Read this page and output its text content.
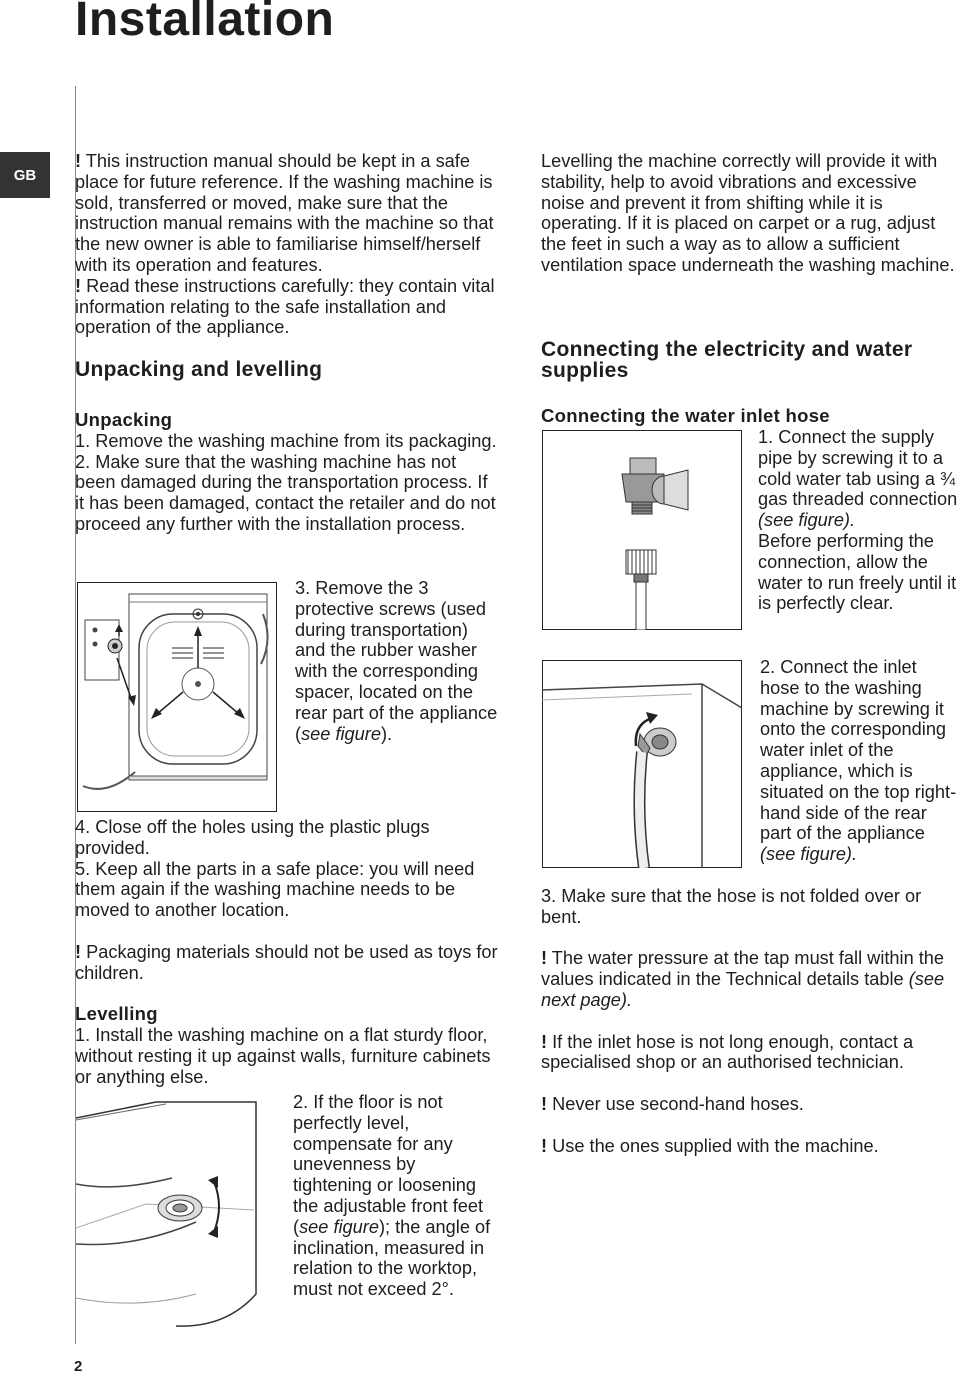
Installation
GB

! This instruction manual should be kept in a safe place for future reference. If the washing machine is sold, transferred or moved, make sure that the instruction manual remains with the machine so that the new owner is able to familiarise himself/herself with its operation and features.

! Read these instructions carefully: they contain vital information relating to the safe installation and operation of the appliance.

Unpacking and levelling

Unpacking

1. Remove the washing machine from its packaging.

2. Make sure that the washing machine has not been damaged during the transportation process. If it has been damaged, contact the retailer and do not proceed any further with the installation process.

3. Remove the 3 protective screws (used during transportation) and the rubber washer with the corresponding spacer, located on the rear part of the appliance (see figure).

4. Close off the holes using the plastic plugs provided.

5. Keep all the parts in a safe place: you will need them again if the washing machine needs to be moved to another location.

! Packaging materials should not be used as toys for children.

Levelling

1. Install the washing machine on a flat sturdy floor, without resting it up against walls, furniture cabinets or anything else.

2. If the floor is not perfectly level, compensate for any unevenness by tightening or loosening the adjustable front feet (see figure); the angle of inclination, measured in relation to the worktop, must not exceed 2°.

Levelling the machine correctly will provide it with stability, help to avoid vibrations and excessive noise and prevent it from shifting while it is operating. If it is placed on carpet or a rug, adjust the feet in such a way as to allow a sufficient ventilation space underneath the washing machine.
Connecting the electricity and water supplies
Connecting the water inlet hose

1. Connect the supply pipe by screwing it to a cold water tab using a ¾ gas threaded connection (see figure).
Before performing the connection, allow the water to run freely until it is perfectly clear.

2. Connect the inlet hose to the washing machine by screwing it onto the corresponding water inlet of the appliance, which is situated on the top right-hand side of the rear part of the appliance (see figure).

3. Make sure that the hose is not folded over or bent.

! The water pressure at the tap must fall within the values indicated in the Technical details table (see next page).

! If the inlet hose is not long enough, contact a specialised shop or an authorised technician.

! Never use second-hand hoses.

! Use the ones supplied with the machine.

2
